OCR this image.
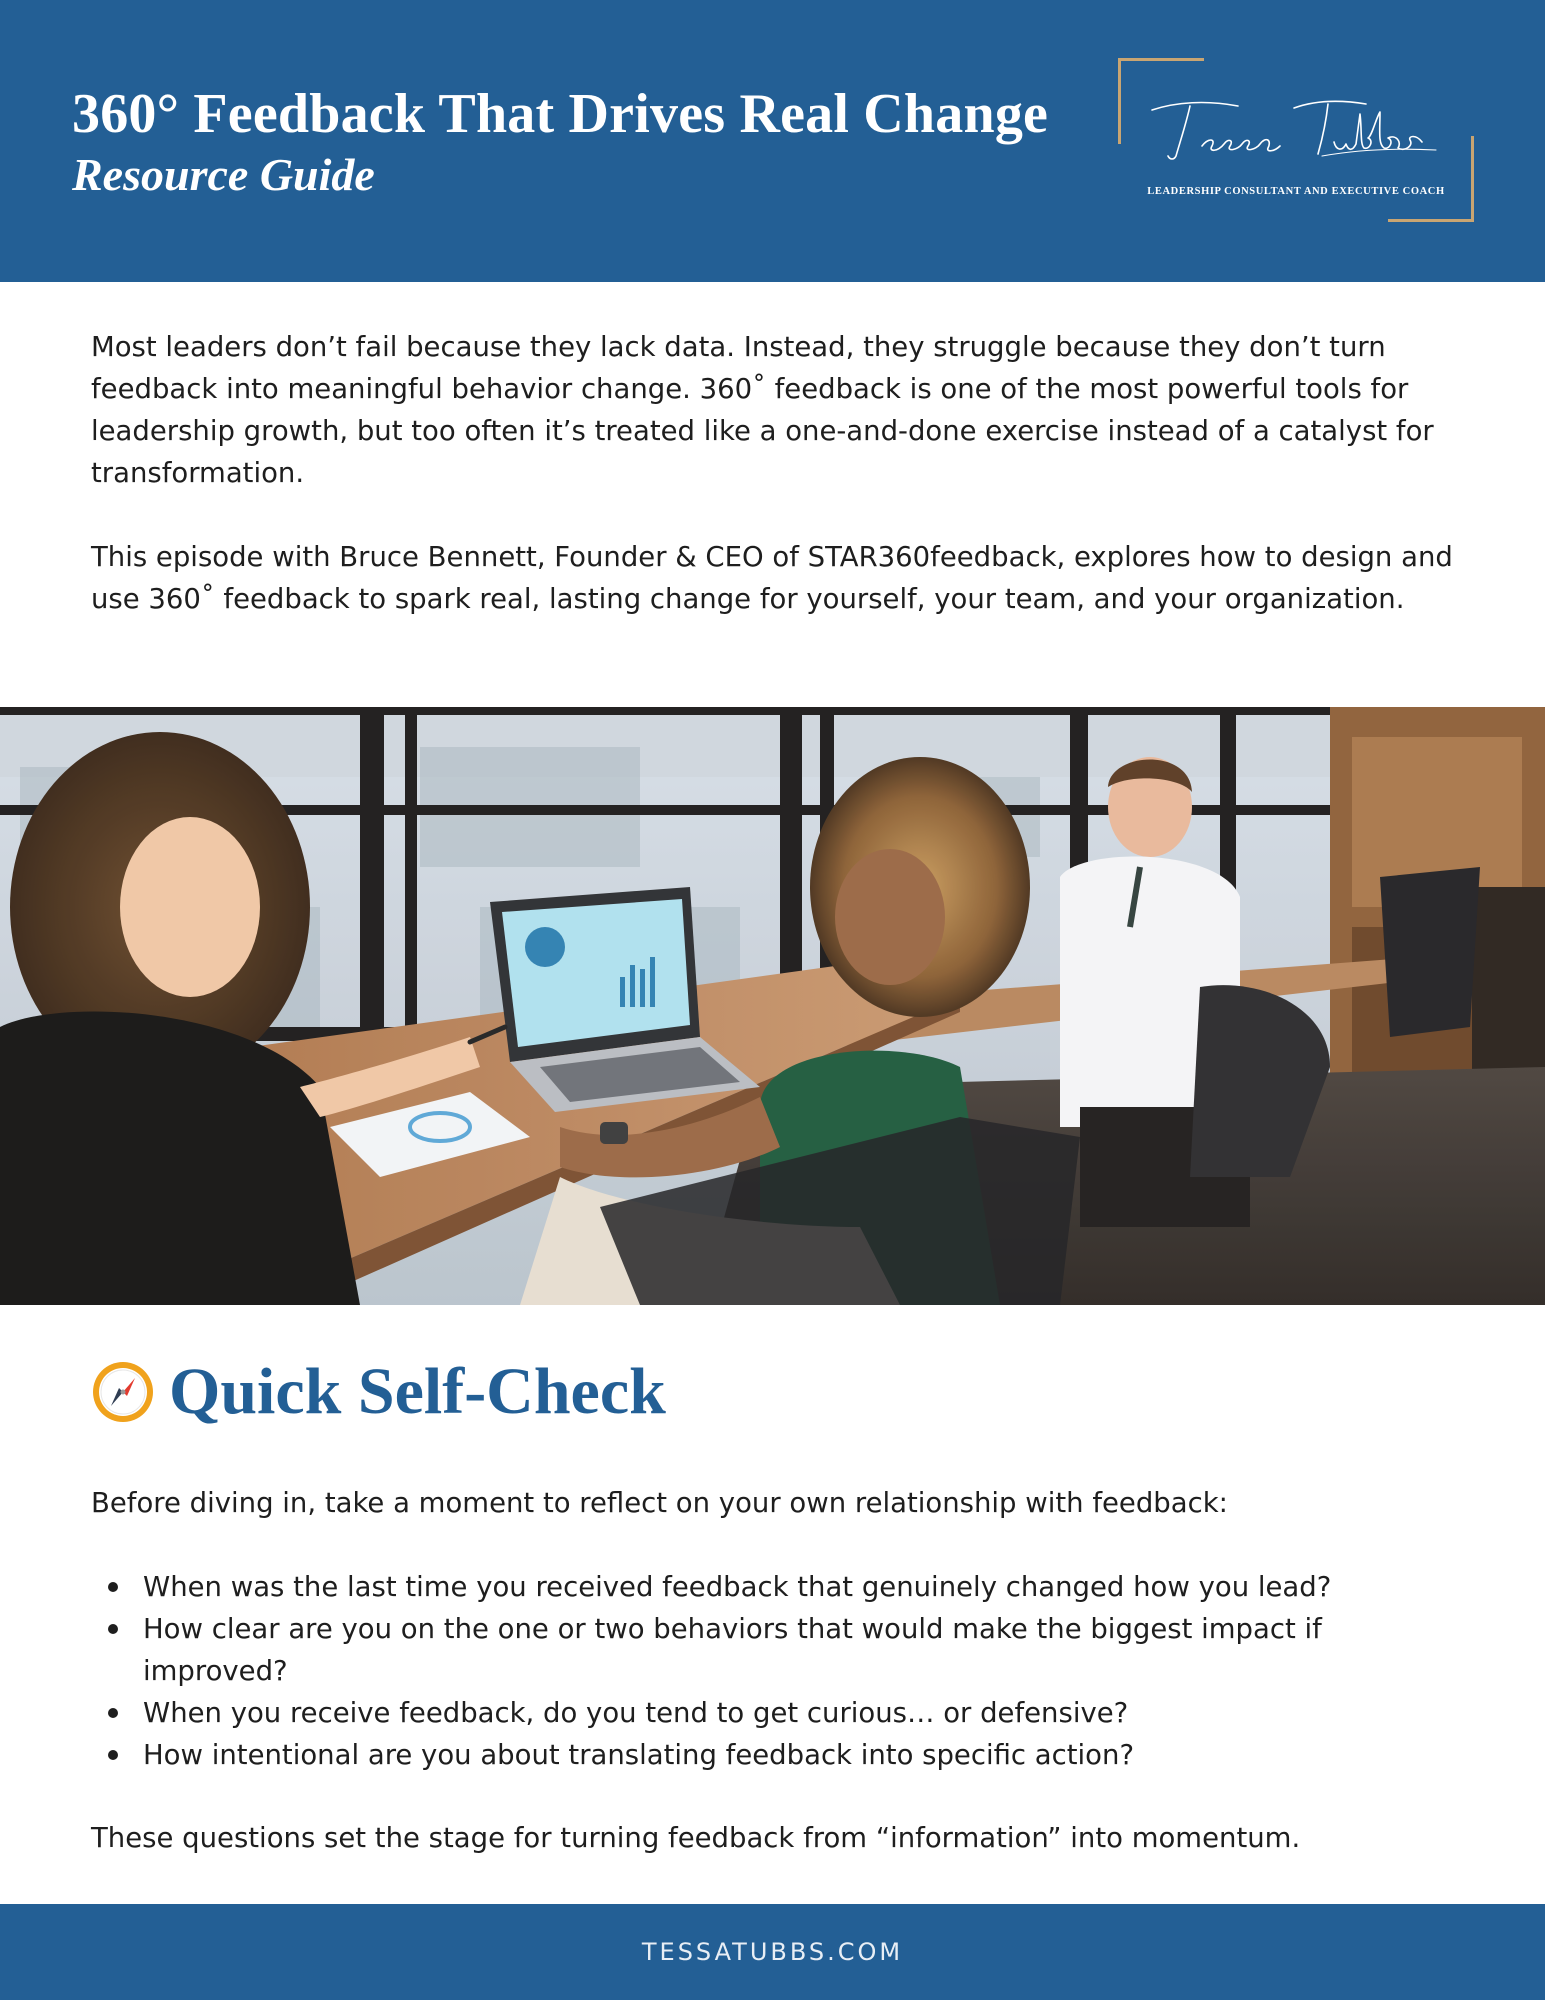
360° Feedback That Drives Real Change
Resource Guide	LEADERSHIP CONSULTANT AND EXECUTIVE COACH

Most leaders don’t fail because they lack data. Instead, they struggle because they don’t turn feedback into meaningful behavior change. 360˚ feedback is one of the most powerful tools for leadership growth, but too often it’s treated like a one-and-done exercise instead of a catalyst for transformation.

This episode with Bruce Bennett, Founder & CEO of STAR360feedback, explores how to design and use 360˚ feedback to spark real, lasting change for yourself, your team, and your organization.

Quick Self-Check

Before diving in, take a moment to reflect on your own relationship with feedback:

When was the last time you received feedback that genuinely changed how you lead?
How clear are you on the one or two behaviors that would make the biggest impact if improved?
When you receive feedback, do you tend to get curious… or defensive?
How intentional are you about translating feedback into specific action?

These questions set the stage for turning feedback from “information” into momentum.

TESSATUBBS.COM
